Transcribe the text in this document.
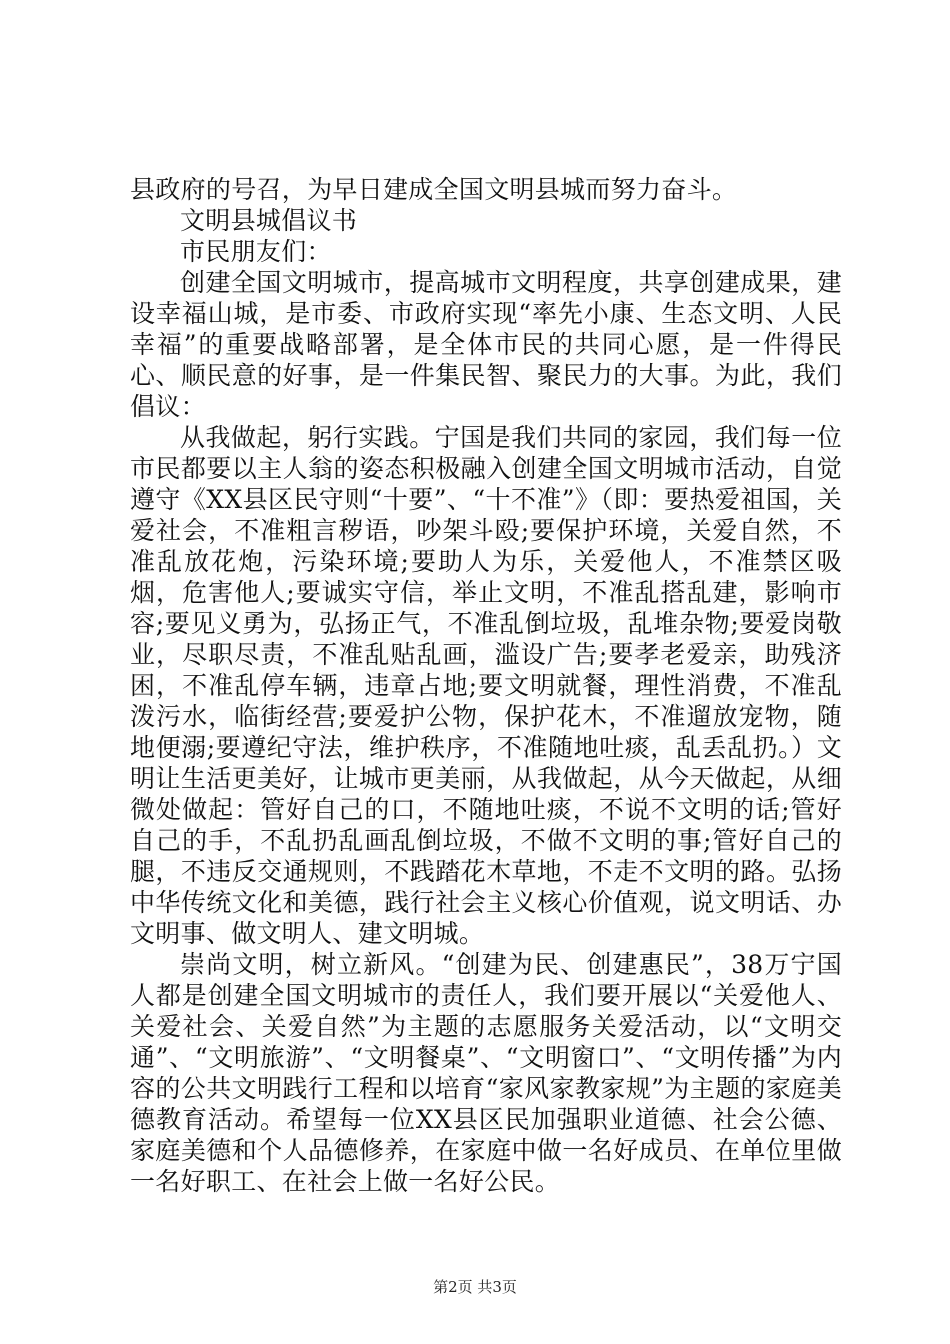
县政府的号召，为早日建成全国文明县城而努力奋斗。

文明县城倡议书

市民朋友们：

创建全国文明城市，提高城市文明程度，共享创建成果，建设幸福山城，是市委、市政府实现“率先小康、生态文明、人民幸福”的重要战略部署，是全体市民的共同心愿，是一件得民心、顺民意的好事，是一件集民智、聚民力的大事。为此，我们倡议：

从我做起，躬行实践。宁国是我们共同的家园，我们每一位市民都要以主人翁的姿态积极融入创建全国文明城市活动，自觉遵守《XX县区民守则“十要”、“十不准”》（即：要热爱祖国，关爱社会，不准粗言秽语，吵架斗殴;要保护环境，关爱自然，不准乱放花炮，污染环境;要助人为乐，关爱他人，不准禁区吸烟，危害他人;要诚实守信，举止文明，不准乱搭乱建，影响市容;要见义勇为，弘扬正气，不准乱倒垃圾，乱堆杂物;要爱岗敬业，尽职尽责，不准乱贴乱画，滥设广告;要孝老爱亲，助残济困，不准乱停车辆，违章占地;要文明就餐，理性消费，不准乱泼污水，临街经营;要爱护公物，保护花木，不准遛放宠物，随地便溺;要遵纪守法，维护秩序，不准随地吐痰，乱丢乱扔。）文明让生活更美好，让城市更美丽，从我做起，从今天做起，从细微处做起：管好自己的口，不随地吐痰，不说不文明的话;管好自己的手，不乱扔乱画乱倒垃圾，不做不文明的事;管好自己的腿，不违反交通规则，不践踏花木草地，不走不文明的路。弘扬中华传统文化和美德，践行社会主义核心价值观，说文明话、办文明事、做文明人、建文明城。

崇尚文明，树立新风。“创建为民、创建惠民”，38万宁国人都是创建全国文明城市的责任人，我们要开展以“关爱他人、关爱社会、关爱自然”为主题的志愿服务关爱活动，以“文明交通”、“文明旅游”、“文明餐桌”、“文明窗口”、“文明传播”为内容的公共文明践行工程和以培育“家风家教家规”为主题的家庭美德教育活动。希望每一位XX县区民加强职业道德、社会公德、家庭美德和个人品德修养，在家庭中做一名好成员、在单位里做一名好职工、在社会上做一名好公民。

第2页 共3页
